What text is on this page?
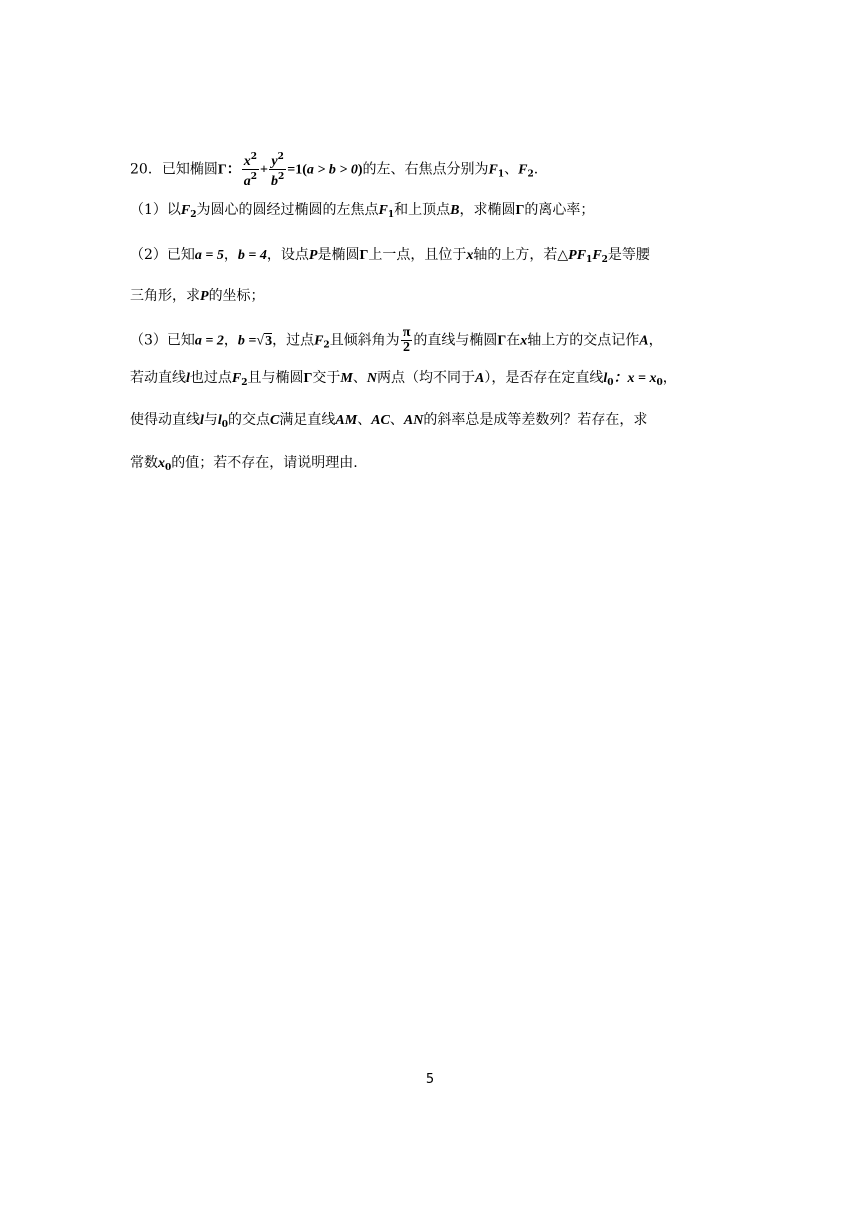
20．已知椭圆Γ： $\frac{x^2}{a^2} + \frac{y^2}{b^2} =1(a > b > 0)$的左、右焦点分别为$F_1$、$F_2$.
（1）以$F_2$为圆心的圆经过椭圆的左焦点$F_1$和上顶点B，求椭圆Γ的离心率；
（2）已知a = 5，b = 4，设点P是椭圆Γ上一点，且位于x轴的上方，若$\triangle PF_1F_2$是等腰
三角形，求P的坐标；
（3）已知a = 2，b =√3，过点$F_2$且倾斜角为 $\frac{\pi}{2}$ 的直线与椭圆Γ在x轴上方的交点记作A，
若动直线l也过点$F_2$且与椭圆Γ交于M、N两点（均不同于A），是否存在定直线$l_0$：$x = x_0$，
使得动直线l与$l_0$的交点C满足直线AM、AC、AN的斜率总是成等差数列？若存在，求
常数$x_0$的值；若不存在，请说明理由.
5
